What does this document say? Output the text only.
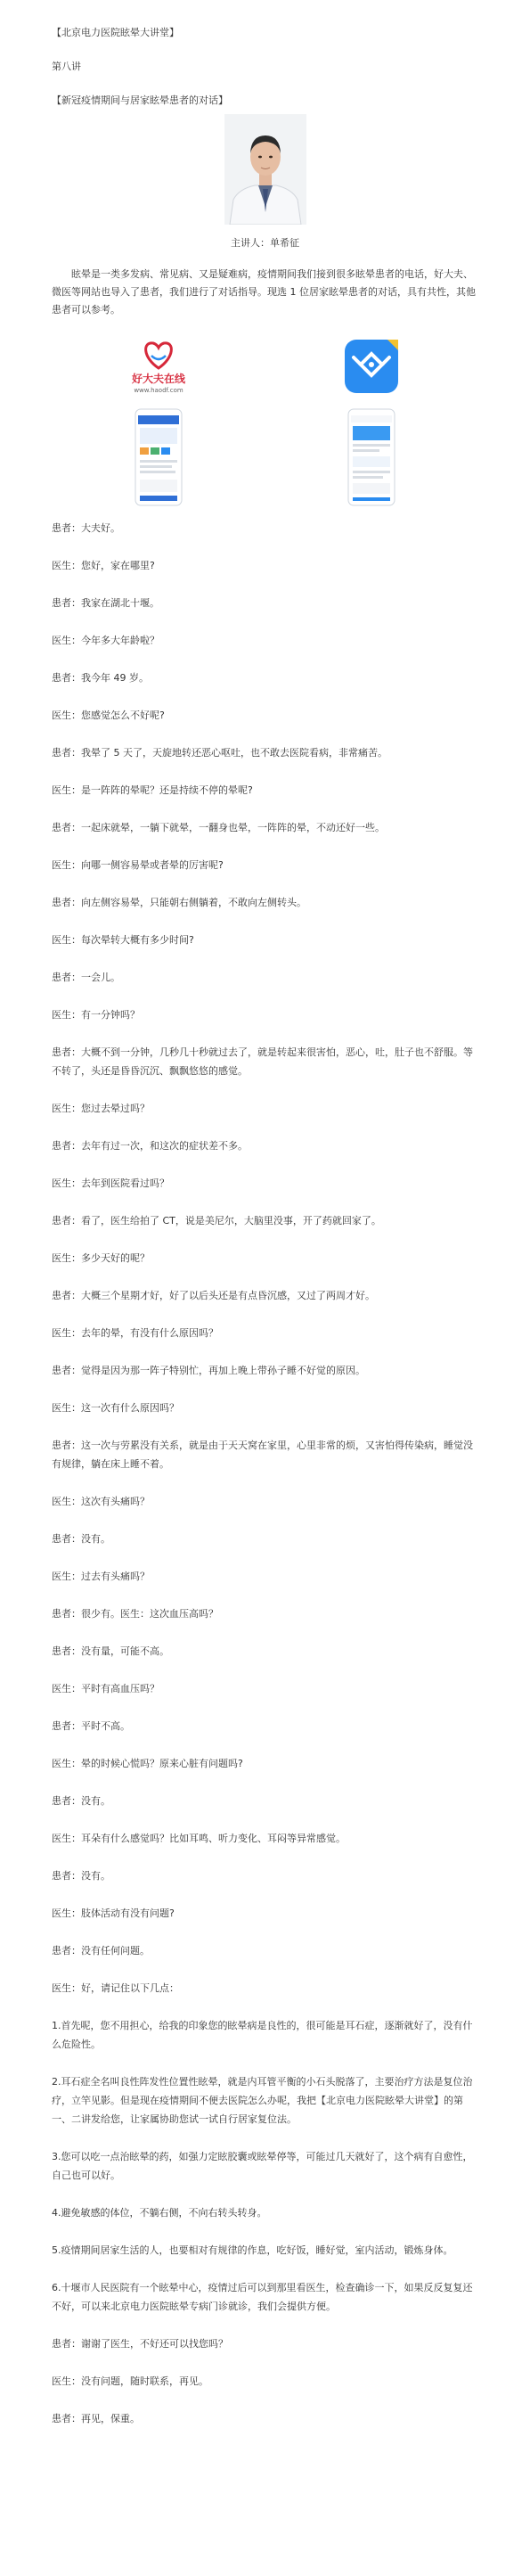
【北京电力医院眩晕大讲堂】
第八讲
【新冠疫情期间与居家眩晕患者的对话】
主讲人：单希征

眩晕是一类多发病、常见病、又是疑难病，疫情期间我们接到很多眩晕患者的电话，好大夫、微医等网站也导入了患者，我们进行了对话指导。现选 1 位居家眩晕患者的对话，具有共性，其他患者可以参考。

好大夫在线
www.haodf.com

患者：大夫好。

医生：您好，家在哪里?

患者：我家在湖北十堰。

医生：今年多大年龄啦？

患者：我今年 49 岁。

医生：您感觉怎么不好呢?

患者：我晕了 5 天了，天旋地转还恶心呕吐，也不敢去医院看病，非常痛苦。

医生：是一阵阵的晕呢？还是持续不停的晕呢?

患者：一起床就晕，一躺下就晕，一翻身也晕，一阵阵的晕，不动还好一些。

医生：向哪一侧容易晕或者晕的厉害呢?

患者：向左侧容易晕，只能朝右侧躺着，不敢向左侧转头。

医生：每次晕转大概有多少时间?

患者：一会儿。

医生：有一分钟吗？

患者：大概不到一分钟，几秒几十秒就过去了，就是转起来很害怕，恶心，吐，肚子也不舒服。等不转了，头还是昏昏沉沉、飘飘悠悠的感觉。

医生：您过去晕过吗？

患者：去年有过一次，和这次的症状差不多。

医生：去年到医院看过吗？

患者：看了，医生给拍了 CT，说是美尼尔，大脑里没事，开了药就回家了。

医生：多少天好的呢？

患者：大概三个星期才好，好了以后头还是有点昏沉感，又过了两周才好。

医生：去年的晕，有没有什么原因吗？

患者：觉得是因为那一阵子特别忙，再加上晚上带孙子睡不好觉的原因。

医生：这一次有什么原因吗？

患者：这一次与劳累没有关系，就是由于天天窝在家里，心里非常的烦，又害怕得传染病，睡觉没有规律，躺在床上睡不着。

医生：这次有头痛吗？

患者：没有。

医生：过去有头痛吗？

患者：很少有。医生：这次血压高吗？

患者：没有量，可能不高。

医生：平时有高血压吗？

患者：平时不高。

医生：晕的时候心慌吗？原来心脏有问题吗?

患者：没有。

医生：耳朵有什么感觉吗？比如耳鸣、听力变化、耳闷等异常感觉。

患者：没有。

医生：肢体活动有没有问题?

患者：没有任何问题。

医生：好，请记住以下几点：

1.首先呢，您不用担心，给我的印象您的眩晕病是良性的，很可能是耳石症，逐渐就好了，没有什么危险性。

2.耳石症全名叫良性阵发性位置性眩晕，就是内耳管平衡的小石头脱落了，主要治疗方法是复位治疗，立竿见影。但是现在疫情期间不便去医院怎么办呢，我把【北京电力医院眩晕大讲堂】的第一、二讲发给您，让家属协助您试一试自行居家复位法。

3.您可以吃一点治眩晕的药，如强力定眩胶囊或眩晕停等，可能过几天就好了，这个病有自愈性，自己也可以好。

4.避免敏感的体位，不躺右侧，不向右转头转身。

5.疫情期间居家生活的人，也要相对有规律的作息，吃好饭，睡好觉，室内活动，锻炼身体。

6.十堰市人民医院有一个眩晕中心，疫情过后可以到那里看医生，检查确诊一下，如果反反复复还不好，可以来北京电力医院眩晕专病门诊就诊，我们会提供方便。

患者：谢谢了医生，不好还可以找您吗？

医生：没有问题，随时联系，再见。

患者：再见，保重。
